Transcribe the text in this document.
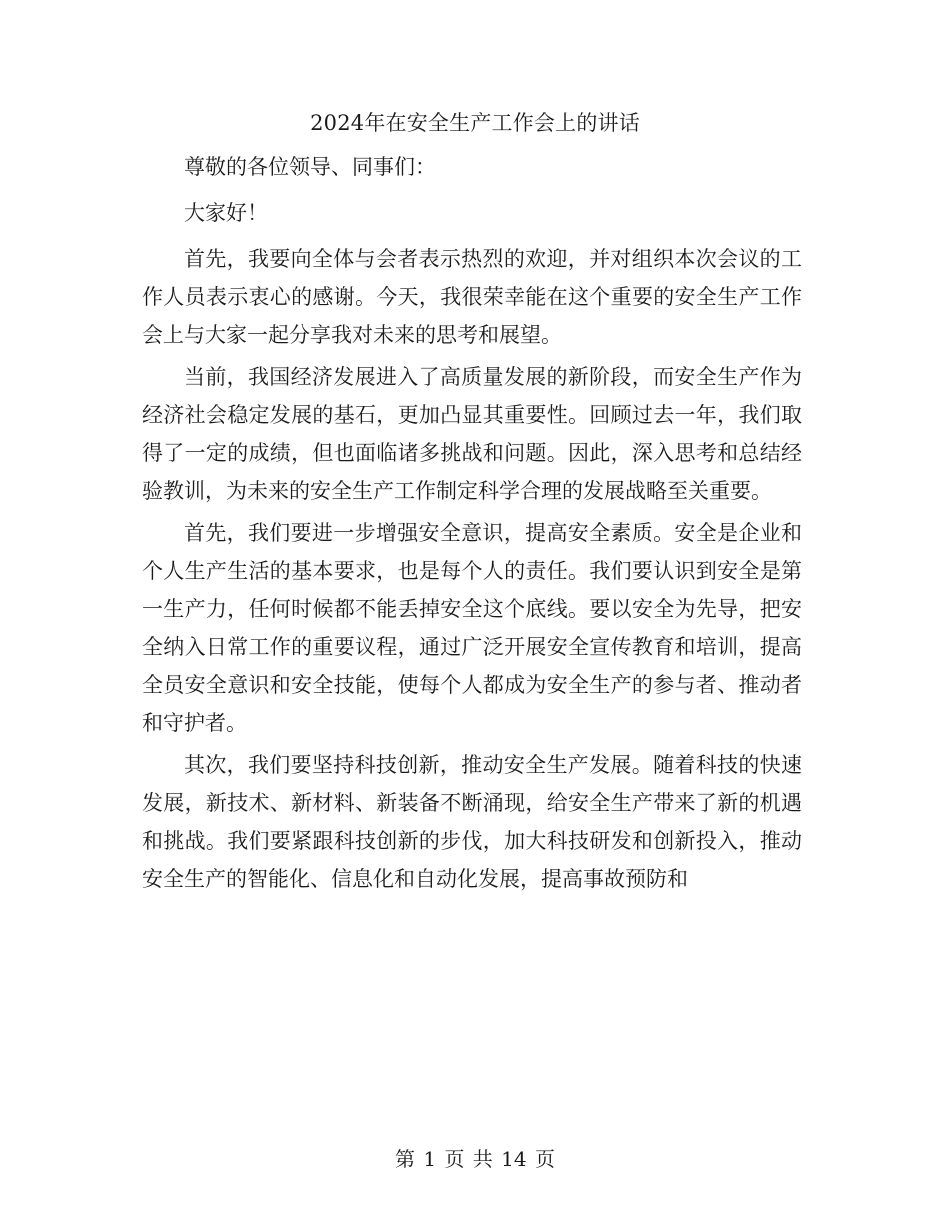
2024年在安全生产工作会上的讲话

尊敬的各位领导、同事们：

大家好！

首先，我要向全体与会者表示热烈的欢迎，并对组织本次会议的工作人员表示衷心的感谢。今天，我很荣幸能在这个重要的安全生产工作会上与大家一起分享我对未来的思考和展望。

当前，我国经济发展进入了高质量发展的新阶段，而安全生产作为经济社会稳定发展的基石，更加凸显其重要性。回顾过去一年，我们取得了一定的成绩，但也面临诸多挑战和问题。因此，深入思考和总结经验教训，为未来的安全生产工作制定科学合理的发展战略至关重要。

首先，我们要进一步增强安全意识，提高安全素质。安全是企业和个人生产生活的基本要求，也是每个人的责任。我们要认识到安全是第一生产力，任何时候都不能丢掉安全这个底线。要以安全为先导，把安全纳入日常工作的重要议程，通过广泛开展安全宣传教育和培训，提高全员安全意识和安全技能，使每个人都成为安全生产的参与者、推动者和守护者。

其次，我们要坚持科技创新，推动安全生产发展。随着科技的快速发展，新技术、新材料、新装备不断涌现，给安全生产带来了新的机遇和挑战。我们要紧跟科技创新的步伐，加大科技研发和创新投入，推动安全生产的智能化、信息化和自动化发展，提高事故预防和

第 1 页 共 14 页
